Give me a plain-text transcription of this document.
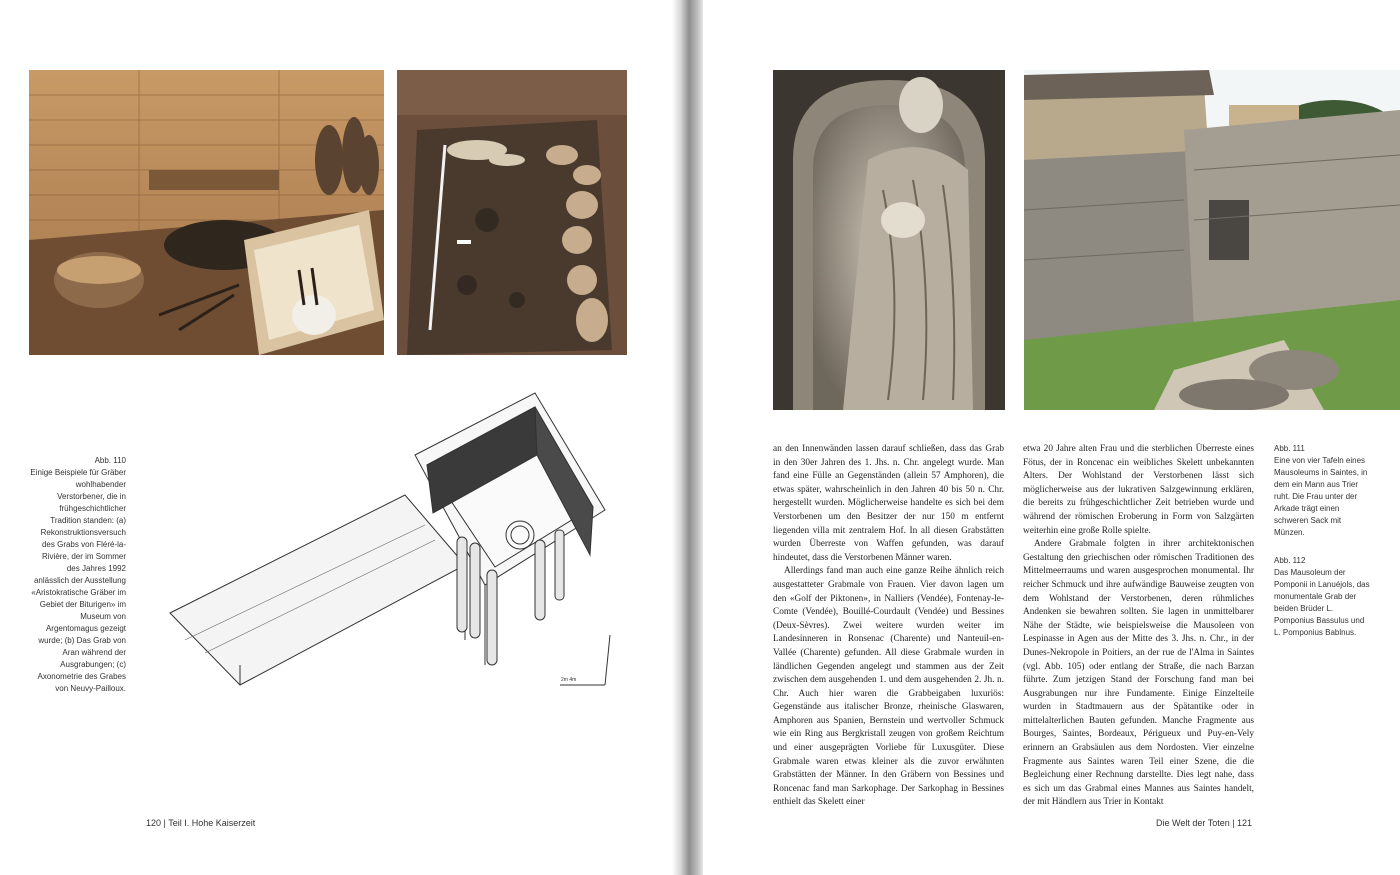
2m 4m
Abb. 110
Einige Beispiele für Gräber wohlhabender Verstorbener, die in frühgeschichtlicher Tradition standen: (a) Rekonstruktionsversuch des Grabs von Fléré-la-Rivière, der im Sommer des Jahres 1992 anlässlich der Ausstellung «Aristokratische Gräber im Gebiet der Biturigen» im Museum von Argentomagus gezeigt wurde; (b) Das Grab von Aran während der Ausgrabungen; (c) Axonometrie des Grabes von Neuvy-Pailloux.
120 | Teil I. Hohe Kaiserzeit

an den Innenwänden lassen darauf schließen, dass das Grab in den 30er Jahren des 1. Jhs. n. Chr. angelegt wurde. Man fand eine Fülle an Gegenständen (allein 57 Amphoren), die etwas später, wahrscheinlich in den Jahren 40 bis 50 n. Chr. hergestellt wurden. Möglicherweise handelte es sich bei dem Verstorbenen um den Besitzer der nur 150 m entfernt liegenden villa mit zentralem Hof. In all diesen Grabstätten wurden Überreste von Waffen gefunden, was darauf hindeutet, dass die Verstorbenen Männer waren.

Allerdings fand man auch eine ganze Reihe ähnlich reich ausgestatteter Grabmale von Frauen. Vier davon lagen um den «Golf der Piktonen», in Nalliers (Vendée), Fontenay-le-Comte (Vendée), Bouillé-Courdault (Vendée) und Bessines (Deux-Sèvres). Zwei weitere wurden weiter im Landesinneren in Ronsenac (Charente) und Nanteuil-en-Vallée (Charente) gefunden. All diese Grabmale wurden in ländlichen Gegenden angelegt und stammen aus der Zeit zwischen dem ausgehenden 1. und dem ausgehenden 2. Jh. n. Chr. Auch hier waren die Grabbeigaben luxuriös: Gegenstände aus italischer Bronze, rheinische Glaswaren, Amphoren aus Spanien, Bernstein und wertvoller Schmuck wie ein Ring aus Bergkristall zeugen von großem Reichtum und einer ausgeprägten Vorliebe für Luxusgüter. Diese Grabmale waren etwas kleiner als die zuvor erwähnten Grabstätten der Männer. In den Gräbern von Bessines und Roncenac fand man Sarkophage. Der Sarkophag in Bessines enthielt das Skelett einer

etwa 20 Jahre alten Frau und die sterblichen Überreste eines Fötus, der in Roncenac ein weibliches Skelett unbekannten Alters. Der Wohlstand der Verstorbenen lässt sich möglicherweise aus der lukrativen Salzgewinnung erklären, die bereits zu frühgeschichtlicher Zeit betrieben wurde und während der römischen Eroberung in Form von Salzgärten weiterhin eine große Rolle spielte.

Andere Grabmale folgten in ihrer architektonischen Gestaltung den griechischen oder römischen Traditionen des Mittelmeerraums und waren ausgesprochen monumental. Ihr reicher Schmuck und ihre aufwändige Bauweise zeugten von dem Wohlstand der Verstorbenen, deren rühmliches Andenken sie bewahren sollten. Sie lagen in unmittelbarer Nähe der Städte, wie beispielsweise die Mausoleen von Lespinasse in Agen aus der Mitte des 3. Jhs. n. Chr., in der Dunes-Nekropole in Poitiers, an der rue de l'Alma in Saintes (vgl. Abb. 105) oder entlang der Straße, die nach Barzan führte. Zum jetzigen Stand der Forschung fand man bei Ausgrabungen nur ihre Fundamente. Einige Einzelteile wurden in Stadtmauern aus der Spätantike oder in mittelalterlichen Bauten gefunden. Manche Fragmente aus Bourges, Saintes, Bordeaux, Périgueux und Puy-en-Vely erinnern an Grabsäulen aus dem Nordosten. Vier einzelne Fragmente aus Saintes waren Teil einer Szene, die die Begleichung einer Rechnung darstellte. Dies legt nahe, dass es sich um das Grabmal eines Mannes aus Saintes handelt, der mit Händlern aus Trier in Kontakt

Abb. 111
Eine von vier Tafeln eines Mausoleums in Saintes, in dem ein Mann aus Trier ruht. Die Frau unter der Arkade trägt einen schweren Sack mit Münzen.
Abb. 112
Das Mausoleum der Pomponii in Lanuéjols, das monumentale Grab der beiden Brüder L. Pomponius Bassulus und L. Pomponius Bablnus.
Die Welt der Toten | 121
